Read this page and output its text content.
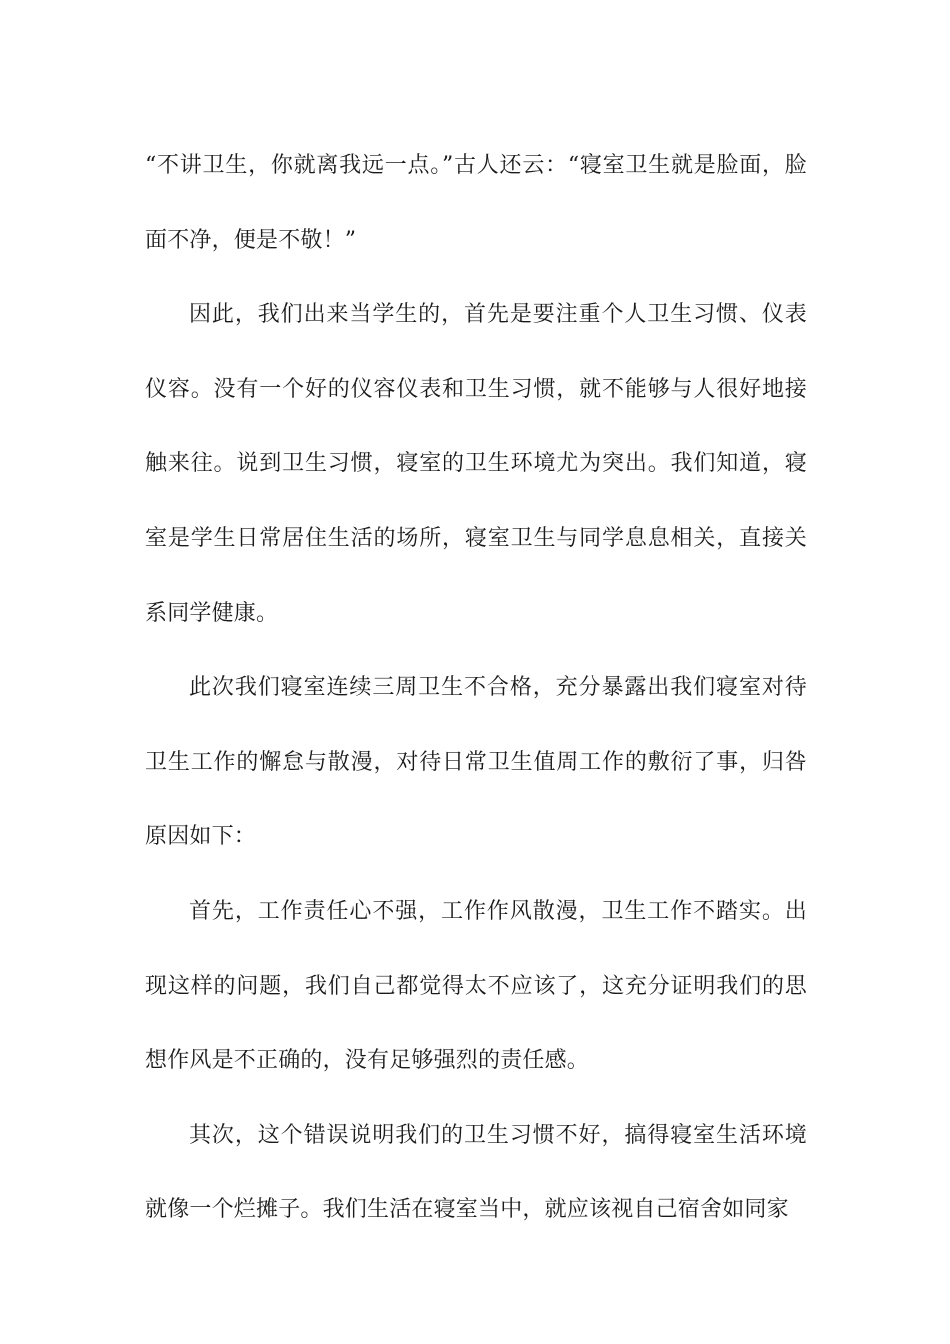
“不讲卫生，你就离我远一点。”古人还云：“寝室卫生就是脸面，脸面不净，便是不敬！”

因此，我们出来当学生的，首先是要注重个人卫生习惯、仪表仪容。没有一个好的仪容仪表和卫生习惯，就不能够与人很好地接触来往。说到卫生习惯，寝室的卫生环境尤为突出。我们知道，寝室是学生日常居住生活的场所，寝室卫生与同学息息相关，直接关系同学健康。

此次我们寝室连续三周卫生不合格，充分暴露出我们寝室对待卫生工作的懈怠与散漫，对待日常卫生值周工作的敷衍了事，归咎原因如下：

首先，工作责任心不强，工作作风散漫，卫生工作不踏实。出现这样的问题，我们自己都觉得太不应该了，这充分证明我们的思想作风是不正确的，没有足够强烈的责任感。

其次，这个错误说明我们的卫生习惯不好，搞得寝室生活环境就像一个烂摊子。我们生活在寝室当中，就应该视自己宿舍如同家
